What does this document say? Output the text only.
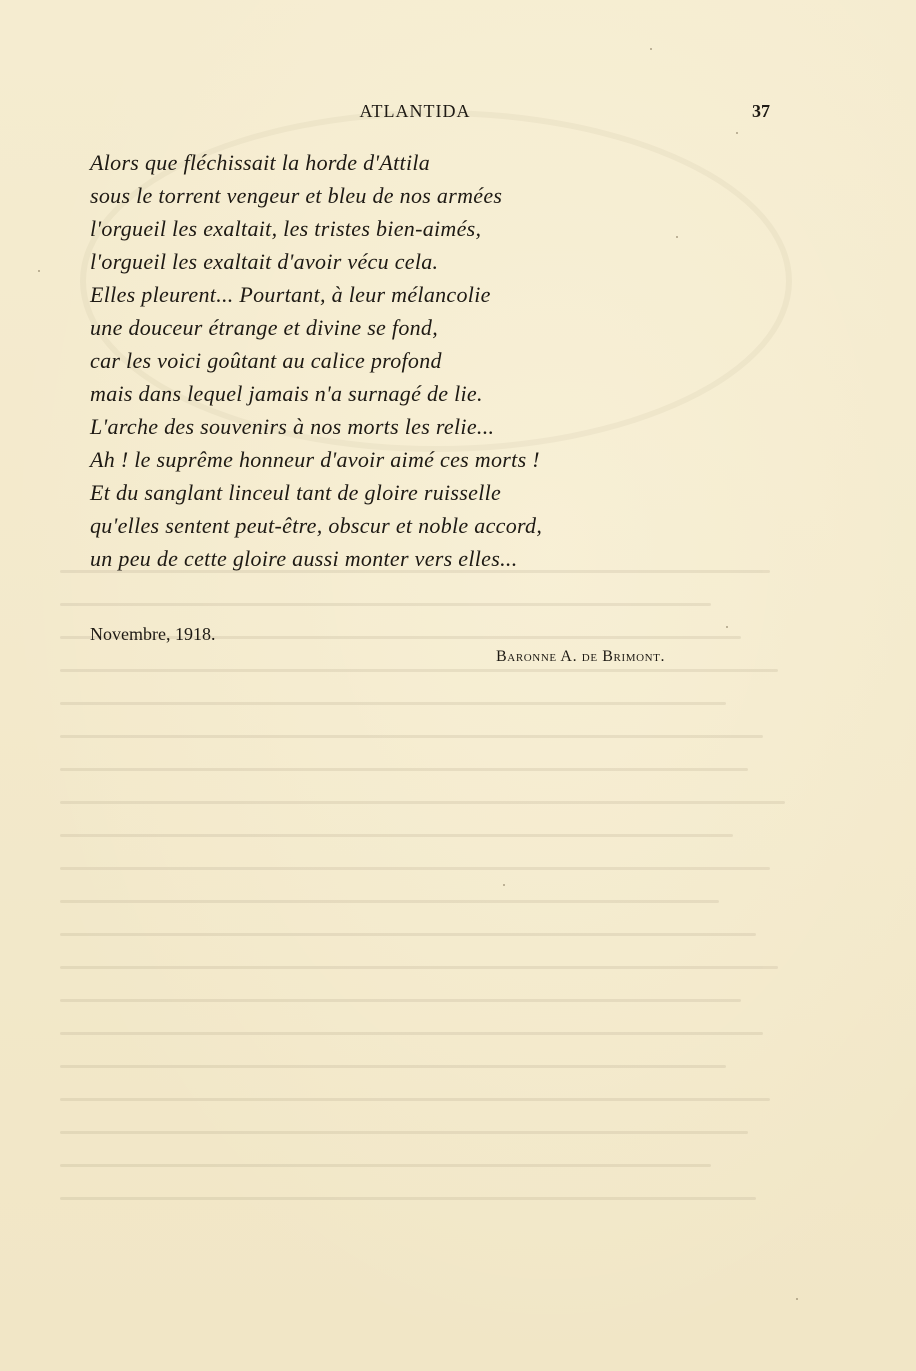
ATLANTIDA	37
Alors que fléchissait la horde d'Attila
sous le torrent vengeur et bleu de nos armées
l'orgueil les exaltait, les tristes bien-aimés,
l'orgueil les exaltait d'avoir vécu cela.
Elles pleurent... Pourtant, à leur mélancolie
une douceur étrange et divine se fond,
car les voici goûtant au calice profond
mais dans lequel jamais n'a surnagé de lie.
L'arche des souvenirs à nos morts les relie...
Ah ! le suprême honneur d'avoir aimé ces morts !
Et du sanglant linceul tant de gloire ruisselle
qu'elles sentent peut-être, obscur et noble accord,
un peu de cette gloire aussi monter vers elles...
Novembre, 1918.
Baronne A. de Brimont.
